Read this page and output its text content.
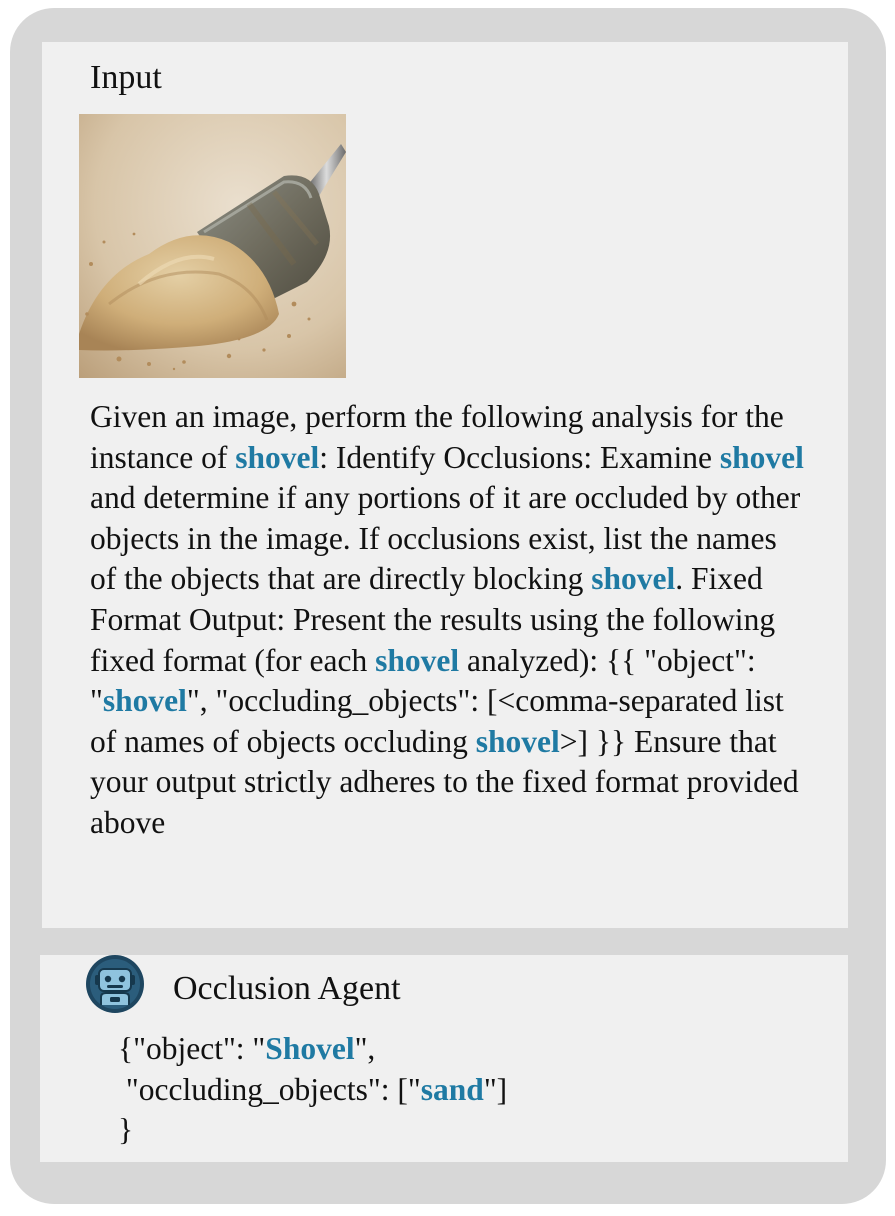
Input

Given an image, perform the following analysis for the instance of shovel: Identify Occlusions: Examine shovel and determine if any portions of it are occluded by other objects in the image. If occlusions exist, list the names of the objects that are directly blocking shovel. Fixed Format Output: Present the results using the following fixed format (for each shovel analyzed): {{ "object": "shovel", "occluding_objects": [<comma-separated list of names of objects occluding shovel>] }} Ensure that your output strictly adheres to the fixed format provided above

Occlusion Agent
{"object": "Shovel",
"occluding_objects": ["sand"]
}
